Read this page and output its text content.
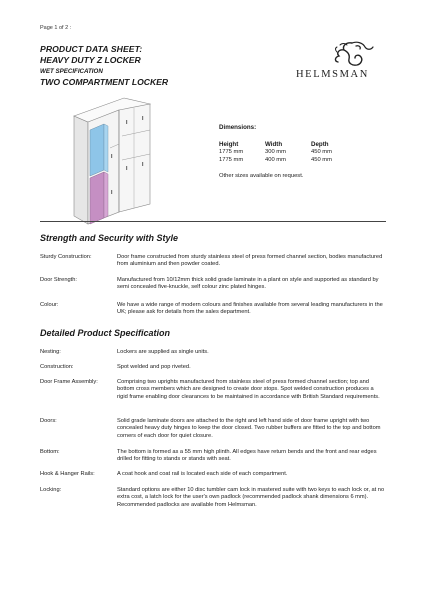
Page 1 of 2 :
PRODUCT DATA SHEET:
HEAVY DUTY Z LOCKER
WET SPECIFICATION
TWO COMPARTMENT LOCKER
HELMSMAN
Dimensions:
Height	Width	Depth
1775 mm	300 mm	450 mm
1775 mm	400 mm	450 mm
Other sizes available on request.
Strength and Security with Style
Sturdy Construction:	Door frame constructed from sturdy stainless steel of press formed channel section, bodies manufactured from aluminium and then powder coated.
Door Strength:	Manufactured from 10/12mm thick solid grade laminate in a plant on style and supported as standard by semi concealed five-knuckle, self colour zinc plated hinges.
Colour:	We have a wide range of modern colours and finishes available from several leading manufacturers in the UK; please ask for details from the sales department.
Detailed Product Specification
Nesting:	Lockers are supplied as single units.
Construction:	Spot welded and pop riveted.
Door Frame Assembly:	Comprising two uprights manufactured from stainless steel of press formed channel section; top and bottom cross members which are designed to create door stops. Spot welded construction produces a rigid frame enabling door clearances to be maintained in accordance with British Standard requirements.
Doors:	Solid grade laminate doors are attached to the right and left hand side of door frame upright with two concealed heavy duty hinges to keep the door closed. Two rubber buffers are fitted to the top and bottom corners of each door for quiet closure.
Bottom:	The bottom is formed as a 55 mm high plinth. All edges have return bends and the front and rear edges drilled for fitting to stands or stands with seat.
Hook & Hanger Rails:	A coat hook and coat rail is located each side of each compartment.
Locking:	Standard options are either 10 disc tumbler cam lock in mastered suite with two keys to each lock or, at no extra cost, a latch lock for the user's own padlock (recommended padlock shank dimensions 6 mm). Recommended padlocks are available from Helmsman.
